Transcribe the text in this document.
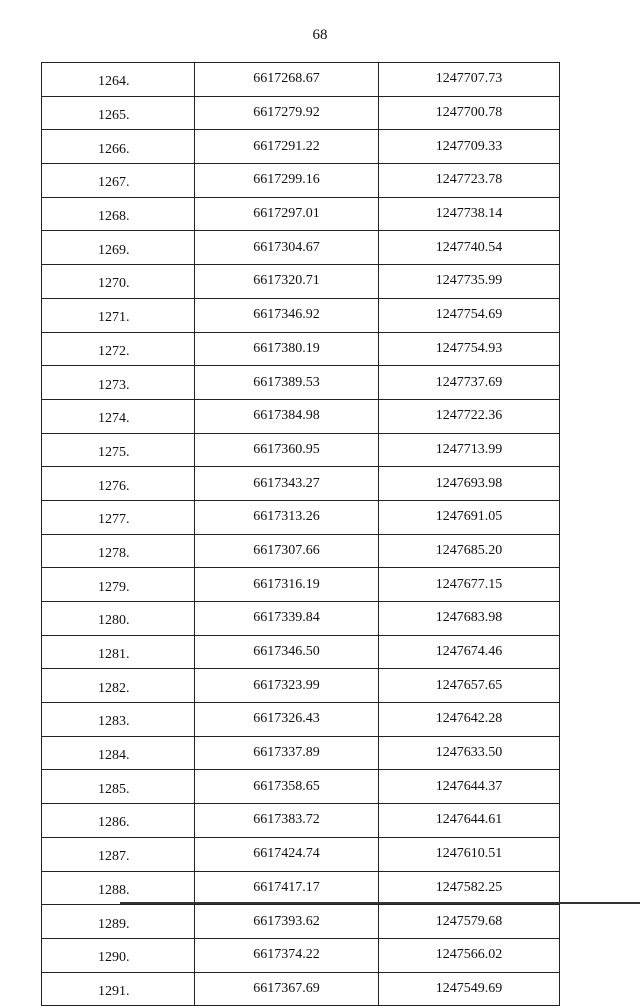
68
1264.	6617268.67	1247707.73
1265.	6617279.92	1247700.78
1266.	6617291.22	1247709.33
1267.	6617299.16	1247723.78
1268.	6617297.01	1247738.14
1269.	6617304.67	1247740.54
1270.	6617320.71	1247735.99
1271.	6617346.92	1247754.69
1272.	6617380.19	1247754.93
1273.	6617389.53	1247737.69
1274.	6617384.98	1247722.36
1275.	6617360.95	1247713.99
1276.	6617343.27	1247693.98
1277.	6617313.26	1247691.05
1278.	6617307.66	1247685.20
1279.	6617316.19	1247677.15
1280.	6617339.84	1247683.98
1281.	6617346.50	1247674.46
1282.	6617323.99	1247657.65
1283.	6617326.43	1247642.28
1284.	6617337.89	1247633.50
1285.	6617358.65	1247644.37
1286.	6617383.72	1247644.61
1287.	6617424.74	1247610.51
1288.	6617417.17	1247582.25
1289.	6617393.62	1247579.68
1290.	6617374.22	1247566.02
1291.	6617367.69	1247549.69
